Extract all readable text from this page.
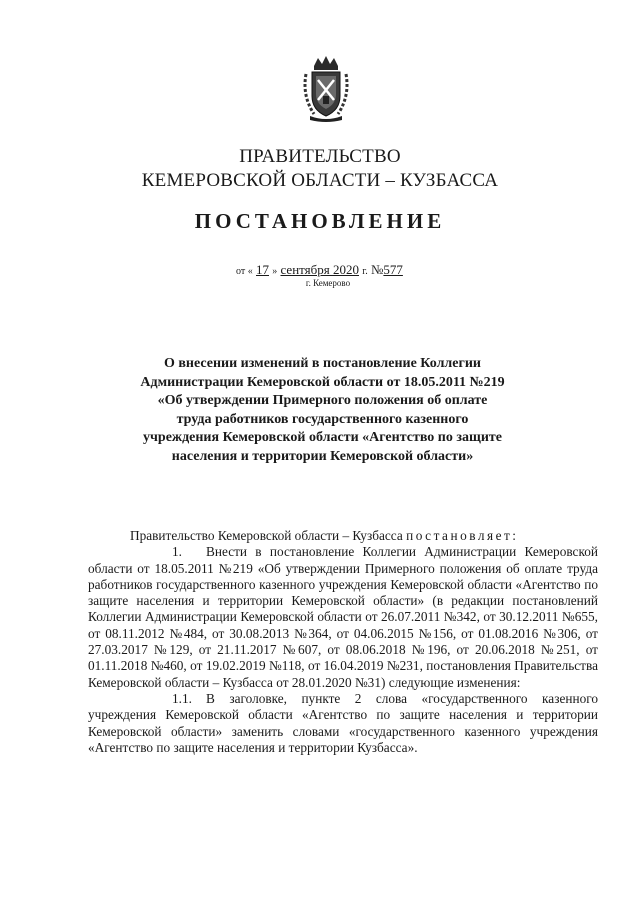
ПРАВИТЕЛЬСТВО
КЕМЕРОВСКОЙ ОБЛАСТИ – КУЗБАССА
ПОСТАНОВЛЕНИЕ
от « 17 » сентября 2020 г. №577
г. Кемерово
О внесении изменений в постановление Коллегии Администрации Кемеровской области от 18.05.2011 №219 «Об утверждении Примерного положения об оплате труда работников государственного казенного учреждения Кемеровской области «Агентство по защите населения и территории Кемеровской области»

Правительство Кемеровской области – Кузбасса постановляет:

1. Внести в постановление Коллегии Администрации Кемеровской области от 18.05.2011 №219 «Об утверждении Примерного положения об оплате труда работников государственного казенного учреждения Кемеровской области «Агентство по защите населения и территории Кемеровской области» (в редакции постановлений Коллегии Администрации Кемеровской области от 26.07.2011 №342, от 30.12.2011 №655, от 08.11.2012 №484, от 30.08.2013 №364, от 04.06.2015 №156, от 01.08.2016 №306, от 27.03.2017 №129, от 21.11.2017 №607, от 08.06.2018 №196, от 20.06.2018 №251, от 01.11.2018 №460, от 19.02.2019 №118, от 16.04.2019 №231, постановления Правительства Кемеровской области – Кузбасса от 28.01.2020 №31) следующие изменения:

1.1. В заголовке, пункте 2 слова «государственного казенного учреждения Кемеровской области «Агентство по защите населения и территории Кемеровской области» заменить словами «государственного казенного учреждения «Агентство по защите населения и территории Кузбасса».
